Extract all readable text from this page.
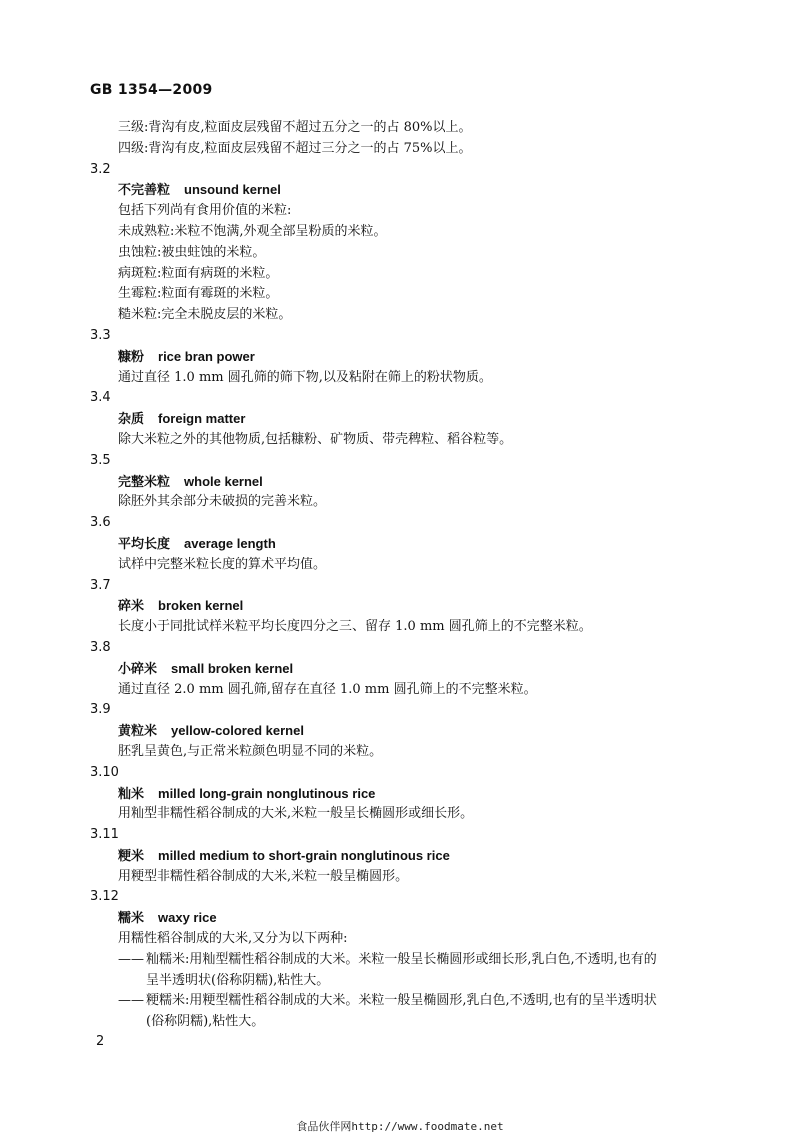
GB 1354—2009
三级:背沟有皮,粒面皮层残留不超过五分之一的占 80%以上。
四级:背沟有皮,粒面皮层残留不超过三分之一的占 75%以上。
3.2
不完善粒 unsound kernel
包括下列尚有食用价值的米粒:
未成熟粒:米粒不饱满,外观全部呈粉质的米粒。
虫蚀粒:被虫蛀蚀的米粒。
病斑粒:粒面有病斑的米粒。
生霉粒:粒面有霉斑的米粒。
糙米粒:完全未脱皮层的米粒。
3.3
糠粉 rice bran power
通过直径 1.0 mm 圆孔筛的筛下物,以及粘附在筛上的粉状物质。
3.4
杂质 foreign matter
除大米粒之外的其他物质,包括糠粉、矿物质、带壳稗粒、稻谷粒等。
3.5
完整米粒 whole kernel
除胚外其余部分未破损的完善米粒。
3.6
平均长度 average length
试样中完整米粒长度的算术平均值。
3.7
碎米 broken kernel
长度小于同批试样米粒平均长度四分之三、留存 1.0 mm 圆孔筛上的不完整米粒。
3.8
小碎米 small broken kernel
通过直径 2.0 mm 圆孔筛,留存在直径 1.0 mm 圆孔筛上的不完整米粒。
3.9
黄粒米 yellow-colored kernel
胚乳呈黄色,与正常米粒颜色明显不同的米粒。
3.10
籼米 milled long-grain nonglutinous rice
用籼型非糯性稻谷制成的大米,米粒一般呈长椭圆形或细长形。
3.11
粳米 milled medium to short-grain nonglutinous rice
用粳型非糯性稻谷制成的大米,米粒一般呈椭圆形。
3.12
糯米 waxy rice
用糯性稻谷制成的大米,又分为以下两种:
—— 籼糯米:用籼型糯性稻谷制成的大米。米粒一般呈长椭圆形或细长形,乳白色,不透明,也有的
呈半透明状(俗称阴糯),粘性大。
—— 粳糯米:用粳型糯性稻谷制成的大米。米粒一般呈椭圆形,乳白色,不透明,也有的呈半透明状
(俗称阴糯),粘性大。
2
食品伙伴网http://www.foodmate.net
